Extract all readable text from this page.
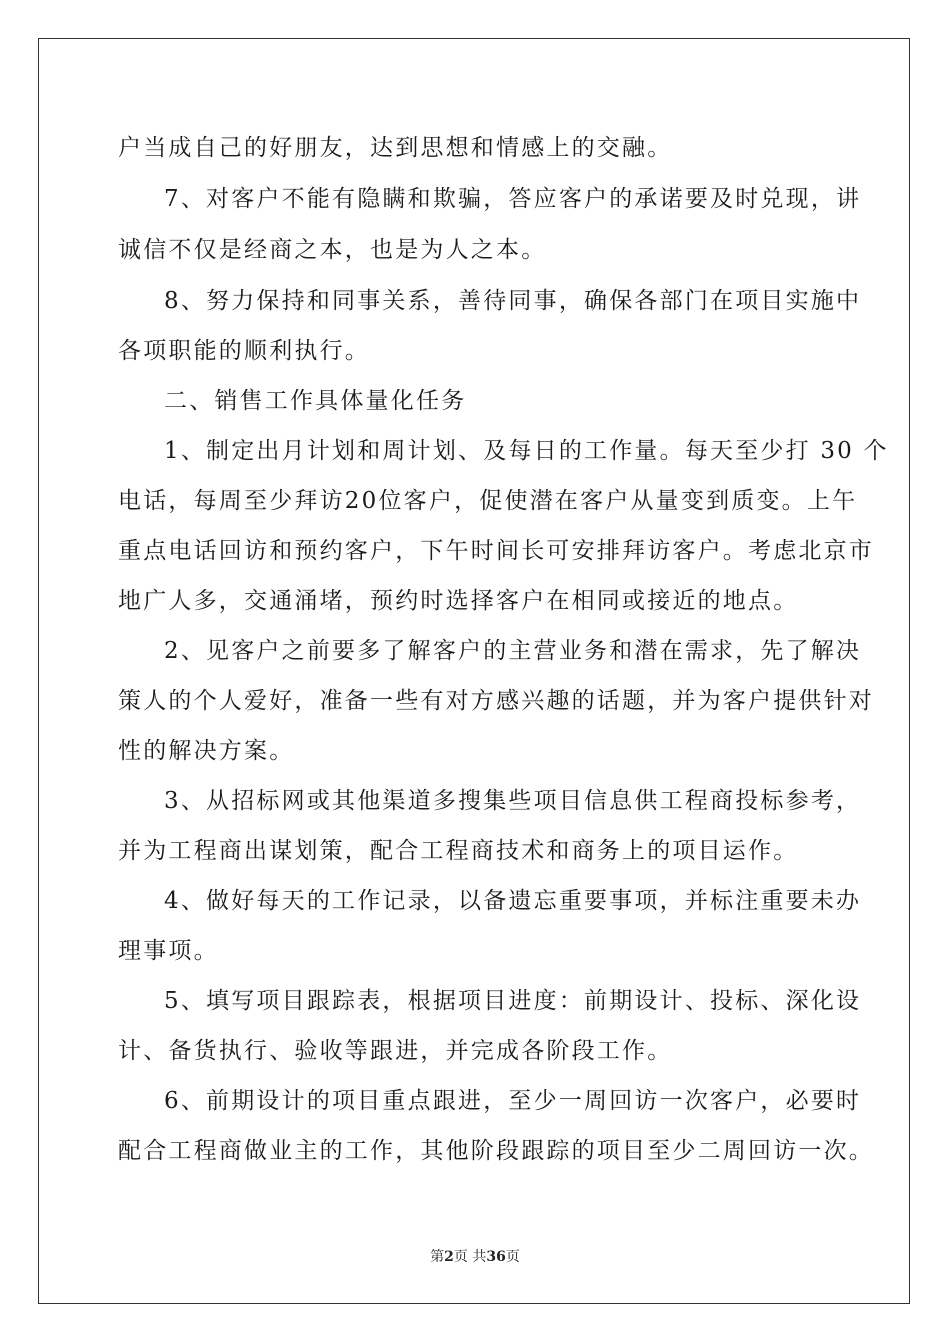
户当成自己的好朋友，达到思想和情感上的交融。
7、对客户不能有隐瞒和欺骗，答应客户的承诺要及时兑现，讲
诚信不仅是经商之本，也是为人之本。
8、努力保持和同事关系，善待同事，确保各部门在项目实施中
各项职能的顺利执行。
二、销售工作具体量化任务
1、制定出月计划和周计划、及每日的工作量。每天至少打 30 个
电话，每周至少拜访20位客户，促使潜在客户从量变到质变。上午
重点电话回访和预约客户，下午时间长可安排拜访客户。考虑北京市
地广人多，交通涌堵，预约时选择客户在相同或接近的地点。
2、见客户之前要多了解客户的主营业务和潜在需求，先了解决
策人的个人爱好，准备一些有对方感兴趣的话题，并为客户提供针对
性的解决方案。
3、从招标网或其他渠道多搜集些项目信息供工程商投标参考，
并为工程商出谋划策，配合工程商技术和商务上的项目运作。
4、做好每天的工作记录，以备遗忘重要事项，并标注重要未办
理事项。
5、填写项目跟踪表，根据项目进度：前期设计、投标、深化设
计、备货执行、验收等跟进，并完成各阶段工作。
6、前期设计的项目重点跟进，至少一周回访一次客户，必要时
配合工程商做业主的工作，其他阶段跟踪的项目至少二周回访一次。
第2页 共36页
